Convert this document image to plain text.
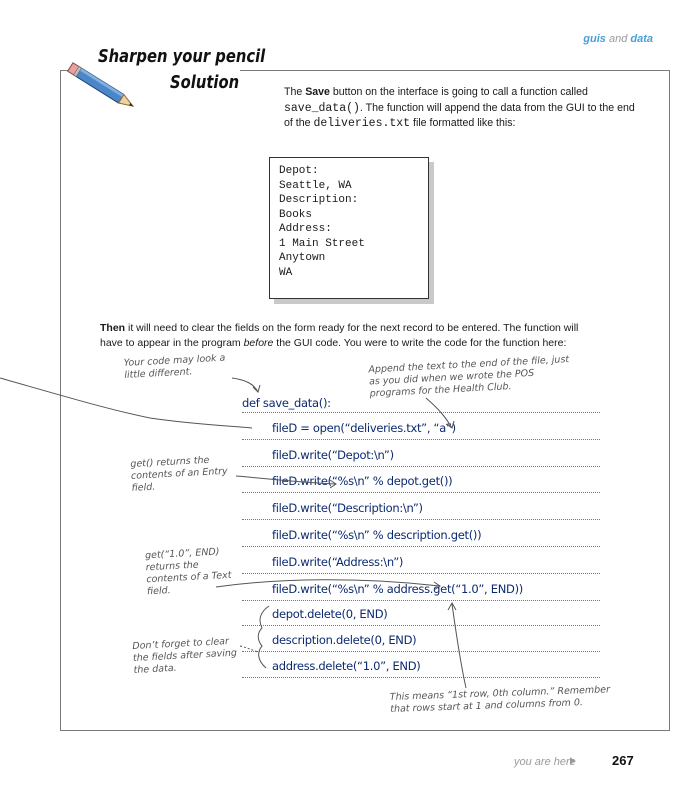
guis and data
Sharpen your pencil
Solution	The Save button on the interface is going to call a function called save_data(). The function will append the data from the GUI to the end of the deliveries.txt file formatted like this:
Depot:
Seattle, WA
Description:
Books
Address:
1 Main Street
Anytown
WA
Then it will need to clear the fields on the form ready for the next record to be entered. The function will have to appear in the program before the GUI code. You were to write the code for the function here:
def save_data():
fileD = open(“deliveries.txt”, “a”)
fileD.write(“Depot:\n”)
fileD.write(“%s\n” % depot.get())
fileD.write(“Description:\n”)
fileD.write(“%s\n” % description.get())
fileD.write(“Address:\n”)
fileD.write(“%s\n” % address.get(“1.0”, END))
depot.delete(0, END)
description.delete(0, END)
address.delete(“1.0”, END)
Your code may look a little different.	Append the text to the end of the file, just as you did when we wrote the POS programs for the Health Club.
get() returns the contents of an Entry field.
get(“1.0”, END) returns the contents of a Text field.
Don’t forget to clear the fields after saving the data.
This means “1st row, 0th column.” Remember that rows start at 1 and columns from 0.
you are here	267
